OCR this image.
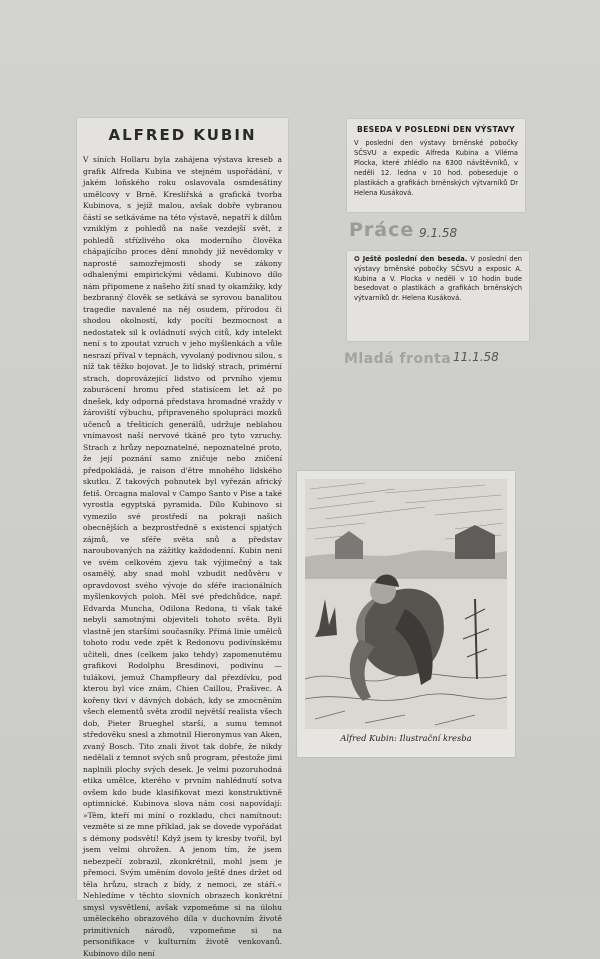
ALFRED KUBIN
V síních Hollaru byla zahájena výstava kreseb a grafik Alfreda Kubina ve stejném uspořádání, v jakém loňského roku oslavovala osmdesátiny umělcovy v Brně. Kreslířská a grafická tvorba Kubinova, s jejíž malou, avšak dobře vybranou částí se setkáváme na této výstavě, nepatří k dílům vzniklým z pohledů na naše vezdejší svět, z pohledů střízlivého oka moderního člověka chápajícího proces dění mnohdy již nevědomky v naprosté samozřejmosti shody se zákony odhalenými empirickými vědami. Kubinovo dílo nám připomene z našeho žití snad ty okamžiky, kdy bezbranný člověk se setkává se syrovou banalitou tragedie navalené na něj osudem, přírodou či shodou okolností, kdy pocítí bezmocnost a nedostatek sil k ovládnutí svých citů, kdy intelekt není s to zpoutat vzruch v jeho myšlenkách a vůle nesrazí příval v tepnách, vyvolaný podivnou silou, s níž tak těžko bojovat. Je to lidský strach, primérní strach, doprovázející lidstvo od prvního vjemu zaburácení hromu před statisícem let až po dnešek, kdy odporná představa hromadné vraždy v žároviští výbuchu, připraveného spolupráci mozků učenců a třešticích generálů, udržuje neblahou vnímavost naší nervové tkáně pro tyto vzruchy. Strach z hrůzy nepoznatelné, nepoznatelné proto, že její poznání samo zničuje nebo zničení předpokládá, je raison d'être mnohého lidského skutku. Z takových pohnutek byl vyřezán africký fetiš. Orcagna maloval v Campo Santo v Pise a také vyrostla egyptská pyramida. Dílo Kubinovo si vymezilo své prostředí na pokraji našich obecnějších a bezprostředně s existencí spjatých zájmů, ve sféře světa snů a představ naroubovaných na zážitky každodenní. Kubin není ve svém celkovém zjevu tak výjimečný a tak osamělý, aby snad mohl vzbudit nedůvěru v opravdovost svého vývoje do sféře iracionálních myšlenkových poloh. Měl své předchůdce, např. Edvarda Muncha, Odilona Redona, ti však také nebyli samotnými objeviteli tohoto světa. Byli vlastně jen staršími současníky. Přímá linie umělců tohoto rodu vede zpět k Redonovu podivínskému učiteli, dnes (celkem jako tehdy) zapomenutému grafikovi Rodolphu Bresdinovi, podivínu — tulákovi, jemuž Champfleury dal přezdívku, pod kterou byl více znám, Chien Caillou, Prašivec. A kořeny tkví v dávných dobách, kdy se zmocněním všech elementů světa zrodil největší realista všech dob, Pieter Brueghel starší, a sumu temnot středověku snesl a zhmotnil Hieronymus van Aken, zvaný Bosch. Tito znali život tak dobře, že nikdy nedělali z temnot svých snů program, přestože jimi naplnili plochy svých desek. Je velmi pozoruhodná etika umělce, kterého v prvním nahlédnutí sotva ovšem kdo bude klasifikovat mezi konstruktivně optimnické. Kubinova slova nám cosi napovídají: »Těm, kteří mi míní o rozkladu, chci namítnout: vezměte si ze mne příklad, jak se dovede vypořádat s démony podsvětí! Když jsem ty kresby tvořil, byl jsem velmi ohrožen. A jenom tím, že jsem nebezpečí zobrazil, zkonkrétnil, mohl jsem je přemoci. Svým uměním dovolo ještě dnes držet od těla hrůzu, strach z bídy, z nemoci, ze stáří.« Nehledíme v těchto slovních obrazech konkrétní smysl vysvětlení, avšak vzpomeňme si na úlohu uměleckého obrazového díla v duchovním životě primitivních národů, vzpomeňme si na personifikace v kulturním životě venkovanů. Kubinovo dílo není
BESEDA V POSLEDNÍ DEN VÝSTAVY
V poslední den výstavy brněnské pobočky SČSVU a expedic Alfreda Kubina a Viléma Plocka, které zhlédlo na 6300 návštěvníků, v neděli 12. ledna v 10 hod. pobeseduje o plastikách a grafikách brněnských výtvarníků Dr Helena Kusáková.
Práce 9.1.58
✪ Ještě poslední den beseda. V poslední den výstavy brněnské pobočky SČSVU a exposic A. Kubina a V. Plocka v neděli v 10 hodin bude besedovat o plastikách a grafikách brněnských výtvarníků dr. Helena Kusáková.
Mladá fronta 11.1.58
Alfred Kubin: Ilustrační kresba
